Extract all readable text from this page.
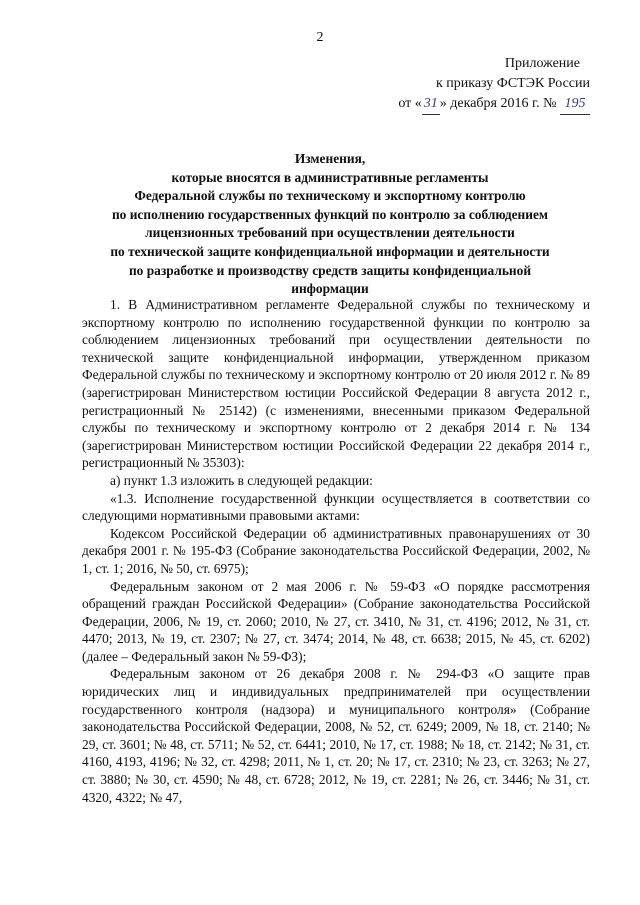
2
Приложение
к приказу ФСТЭК России
от « 31 » декабря 2016 г. № 195
Изменения,
которые вносятся в административные регламенты
Федеральной службы по техническому и экспортному контролю
по исполнению государственных функций по контролю за соблюдением
лицензионных требований при осуществлении деятельности
по технической защите конфиденциальной информации и деятельности
по разработке и производству средств защиты конфиденциальной
информации

1. В Административном регламенте Федеральной службы по техническому и экспортному контролю по исполнению государственной функции по контролю за соблюдением лицензионных требований при осуществлении деятельности по технической защите конфиденциальной информации, утвержденном приказом Федеральной службы по техническому и экспортному контролю от 20 июля 2012 г. № 89 (зарегистрирован Министерством юстиции Российской Федерации 8 августа 2012 г., регистрационный № 25142) (с изменениями, внесенными приказом Федеральной службы по техническому и экспортному контролю от 2 декабря 2014 г. № 134 (зарегистрирован Министерством юстиции Российской Федерации 22 декабря 2014 г., регистрационный № 35303):

а) пункт 1.3 изложить в следующей редакции:

«1.3. Исполнение государственной функции осуществляется в соответствии со следующими нормативными правовыми актами:

Кодексом Российской Федерации об административных правонарушениях от 30 декабря 2001 г. № 195-ФЗ (Собрание законодательства Российской Федерации, 2002, № 1, ст. 1; 2016, № 50, ст. 6975);

Федеральным законом от 2 мая 2006 г. № 59-ФЗ «О порядке рассмотрения обращений граждан Российской Федерации» (Собрание законодательства Российской Федерации, 2006, № 19, ст. 2060; 2010, № 27, ст. 3410, № 31, ст. 4196; 2012, № 31, ст. 4470; 2013, № 19, ст. 2307; № 27, ст. 3474; 2014, № 48, ст. 6638; 2015, № 45, ст. 6202) (далее – Федеральный закон № 59-ФЗ);

Федеральным законом от 26 декабря 2008 г. № 294-ФЗ «О защите прав юридических лиц и индивидуальных предпринимателей при осуществлении государственного контроля (надзора) и муниципального контроля» (Собрание законодательства Российской Федерации, 2008, № 52, ст. 6249; 2009, № 18, ст. 2140; № 29, ст. 3601; № 48, ст. 5711; № 52, ст. 6441; 2010, № 17, ст. 1988; № 18, ст. 2142; № 31, ст. 4160, 4193, 4196; № 32, ст. 4298; 2011, № 1, ст. 20; № 17, ст. 2310; № 23, ст. 3263; № 27, ст. 3880; № 30, ст. 4590; № 48, ст. 6728; 2012, № 19, ст. 2281; № 26, ст. 3446; № 31, ст. 4320, 4322; № 47,
